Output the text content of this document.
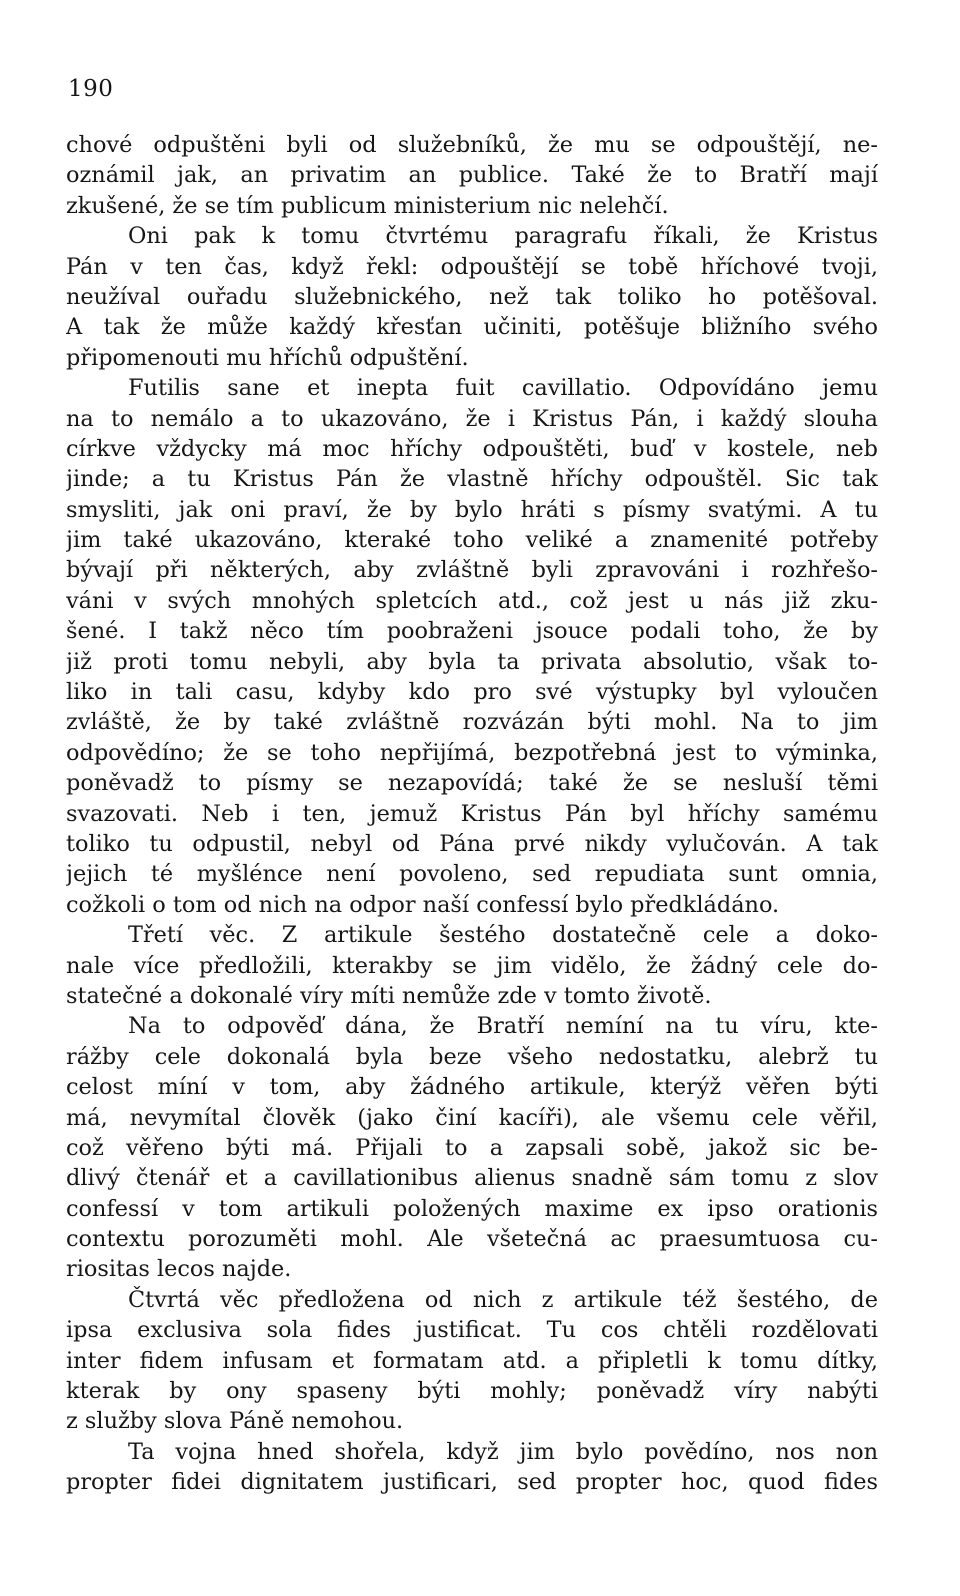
190
chové odpuštěni byli od služebníků, že mu se odpouštějí, ne-
oznámil jak, an privatim an publice. Také že to Bratří mají
zkušené, že se tím publicum ministerium nic nelehčí.
Oni pak k tomu čtvrtému paragrafu říkali, že Kristus
Pán v ten čas, když řekl: odpouštějí se tobě hříchové tvoji,
neužíval ouřadu služebnického, než tak toliko ho potěšoval.
A tak že může každý křesťan učiniti, potěšuje bližního svého
připomenouti mu hříchů odpuštění.
Futilis sane et inepta fuit cavillatio. Odpovídáno jemu
na to nemálo a to ukazováno, že i Kristus Pán, i každý slouha
církve vždycky má moc hříchy odpouštěti, buď v kostele, neb
jinde; a tu Kristus Pán že vlastně hříchy odpouštěl. Sic tak
smysliti, jak oni praví, že by bylo hráti s písmy svatými. A tu
jim také ukazováno, kteraké toho veliké a znamenité potřeby
bývají při některých, aby zvláštně byli zpravováni i rozhřešo-
váni v svých mnohých spletcích atd., což jest u nás již zku-
šené. I takž něco tím poobraženi jsouce podali toho, že by
již proti tomu nebyli, aby byla ta privata absolutio, však to-
liko in tali casu, kdyby kdo pro své výstupky byl vyloučen
zvláště, že by také zvláštně rozvázán býti mohl. Na to jim
odpovědíno; že se toho nepřijímá, bezpotřebná jest to výminka,
poněvadž to písmy se nezapovídá; také že se nesluší těmi
svazovati. Neb i ten, jemuž Kristus Pán byl hříchy samému
toliko tu odpustil, nebyl od Pána prvé nikdy vylučován. A tak
jejich té myšlénce není povoleno, sed repudiata sunt omnia,
cožkoli o tom od nich na odpor naší confessí bylo předkládáno.
Třetí věc. Z artikule šestého dostatečně cele a doko-
nale více předložili, kterakby se jim vidělo, že žádný cele do-
statečné a dokonalé víry míti nemůže zde v tomto životě.
Na to odpověď dána, že Bratří nemíní na tu víru, kte-
rážby cele dokonalá byla beze všeho nedostatku, alebrž tu
celost míní v tom, aby žádného artikule, kterýž věřen býti
má, nevymítal člověk (jako činí kacíři), ale všemu cele věřil,
což věřeno býti má. Přijali to a zapsali sobě, jakož sic be-
dlivý čtenář et a cavillationibus alienus snadně sám tomu z slov
confessí v tom artikuli položených maxime ex ipso orationis
contextu porozuměti mohl. Ale všetečná ac praesumtuosa cu-
riositas lecos najde.
Čtvrtá věc předložena od nich z artikule též šestého, de
ipsa exclusiva sola fides justificat. Tu cos chtěli rozdělovati
inter fidem infusam et formatam atd. a připletli k tomu dítky,
kterak by ony spaseny býti mohly; poněvadž víry nabýti
z služby slova Páně nemohou.
Ta vojna hned shořela, když jim bylo povědíno, nos non
propter fidei dignitatem justificari, sed propter hoc, quod fides
